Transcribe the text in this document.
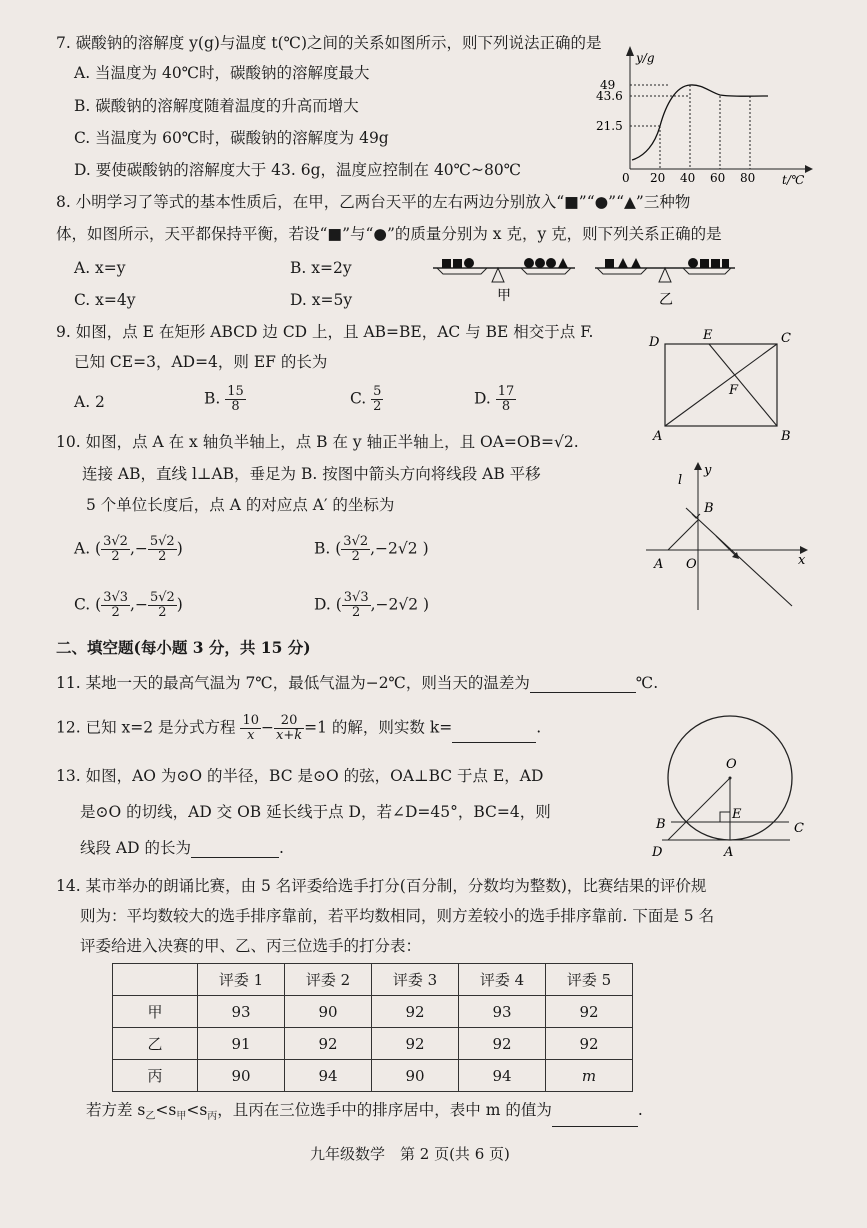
7. 碳酸钠的溶解度 y(g)与温度 t(℃)之间的关系如图所示，则下列说法正确的是
A. 当温度为 40℃时，碳酸钠的溶解度最大
B. 碳酸钠的溶解度随着温度的升高而增大
C. 当温度为 60℃时，碳酸钠的溶解度为 49g
D. 要使碳酸钠的溶解度大于 43. 6g，温度应控制在 40℃~80℃
y/g
t/℃
49
43.6
21.5
0 20 40 60 80
8. 小明学习了等式的基本性质后，在甲，乙两台天平的左右两边分别放入“■”“●”“▲”三种物
体，如图所示，天平都保持平衡，若设“■”与“●”的质量分别为 x 克，y 克，则下列关系正确的是
A. x=y	B. x=2y
C. x=4y	D. x=5y	甲	乙
9. 如图，点 E 在矩形 ABCD 边 CD 上，且 AB=BE，AC 与 BE 相交于点 F.
已知 CE=3，AD=4，则 EF 的长为
A. 2	B. $\frac{15}{8}$	C. $\frac{5}{2}$	D. $\frac{17}{8}$
D	E	C
F
A	B
10. 如图，点 A 在 x 轴负半轴上，点 B 在 y 轴正半轴上，且 OA=OB=√2.
连接 AB，直线 l⊥AB，垂足为 B. 按图中箭头方向将线段 AB 平移
5 个单位长度后，点 A 的对应点 A′ 的坐标为
A. ( $\frac{3√2}{2}$ ,− $\frac{5√2}{2}$ )	B. ( $\frac{3√2}{2} ,-2√2$ )
C. ( $\frac{3√3}{2}$ ,− $\frac{5√2}{2}$ )	D. ( $\frac{3√3}{2} ,-2√2$ )
l
y
B
A O	x
二、填空题(每小题 3 分，共 15 分)
11. 某地一天的最高气温为 7℃，最低气温为−2℃，则当天的温差为	℃.
12. 已知 x=2 是分式方程 $\frac{10}{x} - \frac{20}{x+k} =1$ 的解，则实数 k=	.
13. 如图，AO 为⊙O 的半径，BC 是⊙O 的弦，OA⊥BC 于点 E，AD
是⊙O 的切线，AD 交 OB 延长线于点 D，若∠D=45°，BC=4，则
线段 AD 的长为	.
O
E
B	C
D	A
14. 某市举办的朗诵比赛，由 5 名评委给选手打分(百分制，分数均为整数)，比赛结果的评价规
则为：平均数较大的选手排序靠前，若平均数相同，则方差较小的选手排序靠前. 下面是 5 名
评委给进入决赛的甲、乙、丙三位选手的打分表：
	评委 1	评委 2	评委 3	评委 4	评委 5
甲	93	90	92	93	92
乙	91	92	92	92	92
丙	90	94	90	94	m
若方差 $s_乙<s_甲<s_丙$，且丙在三位选手中的排序居中，表中 m 的值为	.
九年级数学　第 2 页(共 6 页)
